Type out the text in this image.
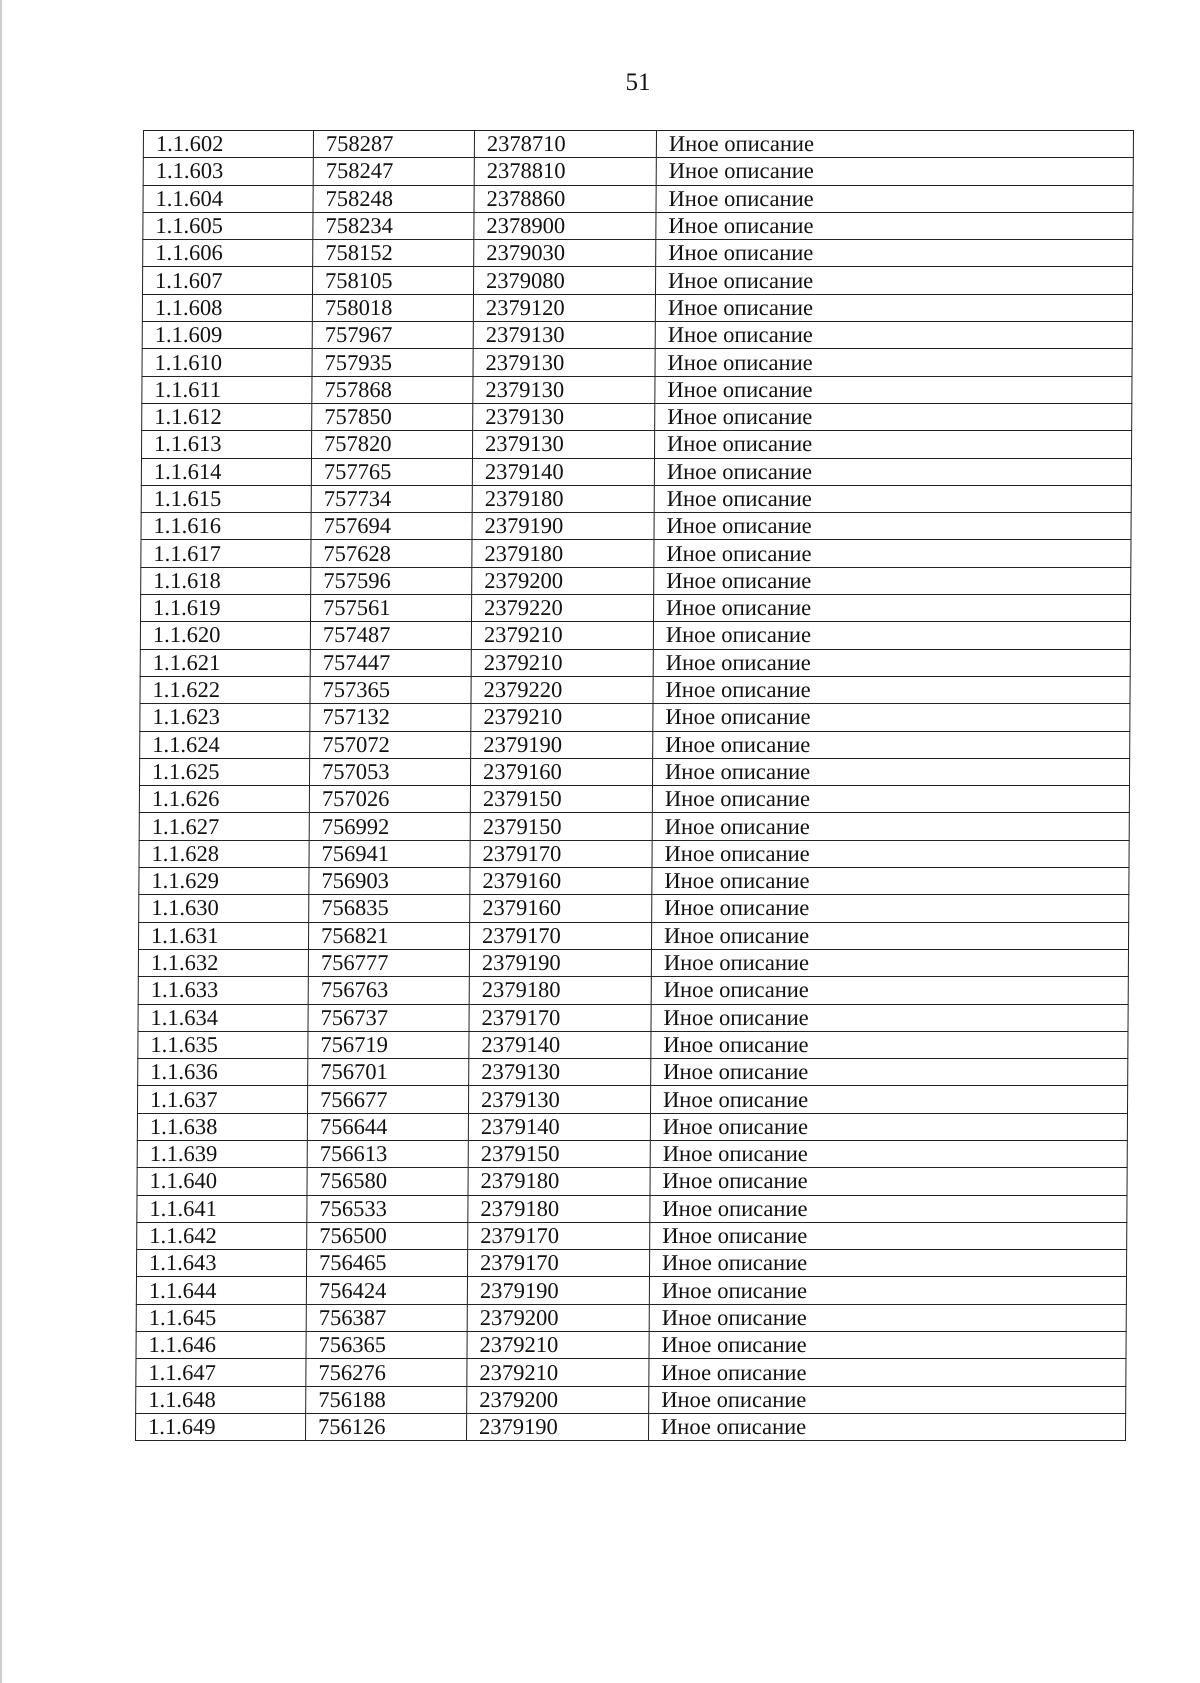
51
1.1.602	758287	2378710	Иное описание
1.1.603	758247	2378810	Иное описание
1.1.604	758248	2378860	Иное описание
1.1.605	758234	2378900	Иное описание
1.1.606	758152	2379030	Иное описание
1.1.607	758105	2379080	Иное описание
1.1.608	758018	2379120	Иное описание
1.1.609	757967	2379130	Иное описание
1.1.610	757935	2379130	Иное описание
1.1.611	757868	2379130	Иное описание
1.1.612	757850	2379130	Иное описание
1.1.613	757820	2379130	Иное описание
1.1.614	757765	2379140	Иное описание
1.1.615	757734	2379180	Иное описание
1.1.616	757694	2379190	Иное описание
1.1.617	757628	2379180	Иное описание
1.1.618	757596	2379200	Иное описание
1.1.619	757561	2379220	Иное описание
1.1.620	757487	2379210	Иное описание
1.1.621	757447	2379210	Иное описание
1.1.622	757365	2379220	Иное описание
1.1.623	757132	2379210	Иное описание
1.1.624	757072	2379190	Иное описание
1.1.625	757053	2379160	Иное описание
1.1.626	757026	2379150	Иное описание
1.1.627	756992	2379150	Иное описание
1.1.628	756941	2379170	Иное описание
1.1.629	756903	2379160	Иное описание
1.1.630	756835	2379160	Иное описание
1.1.631	756821	2379170	Иное описание
1.1.632	756777	2379190	Иное описание
1.1.633	756763	2379180	Иное описание
1.1.634	756737	2379170	Иное описание
1.1.635	756719	2379140	Иное описание
1.1.636	756701	2379130	Иное описание
1.1.637	756677	2379130	Иное описание
1.1.638	756644	2379140	Иное описание
1.1.639	756613	2379150	Иное описание
1.1.640	756580	2379180	Иное описание
1.1.641	756533	2379180	Иное описание
1.1.642	756500	2379170	Иное описание
1.1.643	756465	2379170	Иное описание
1.1.644	756424	2379190	Иное описание
1.1.645	756387	2379200	Иное описание
1.1.646	756365	2379210	Иное описание
1.1.647	756276	2379210	Иное описание
1.1.648	756188	2379200	Иное описание
1.1.649	756126	2379190	Иное описание
